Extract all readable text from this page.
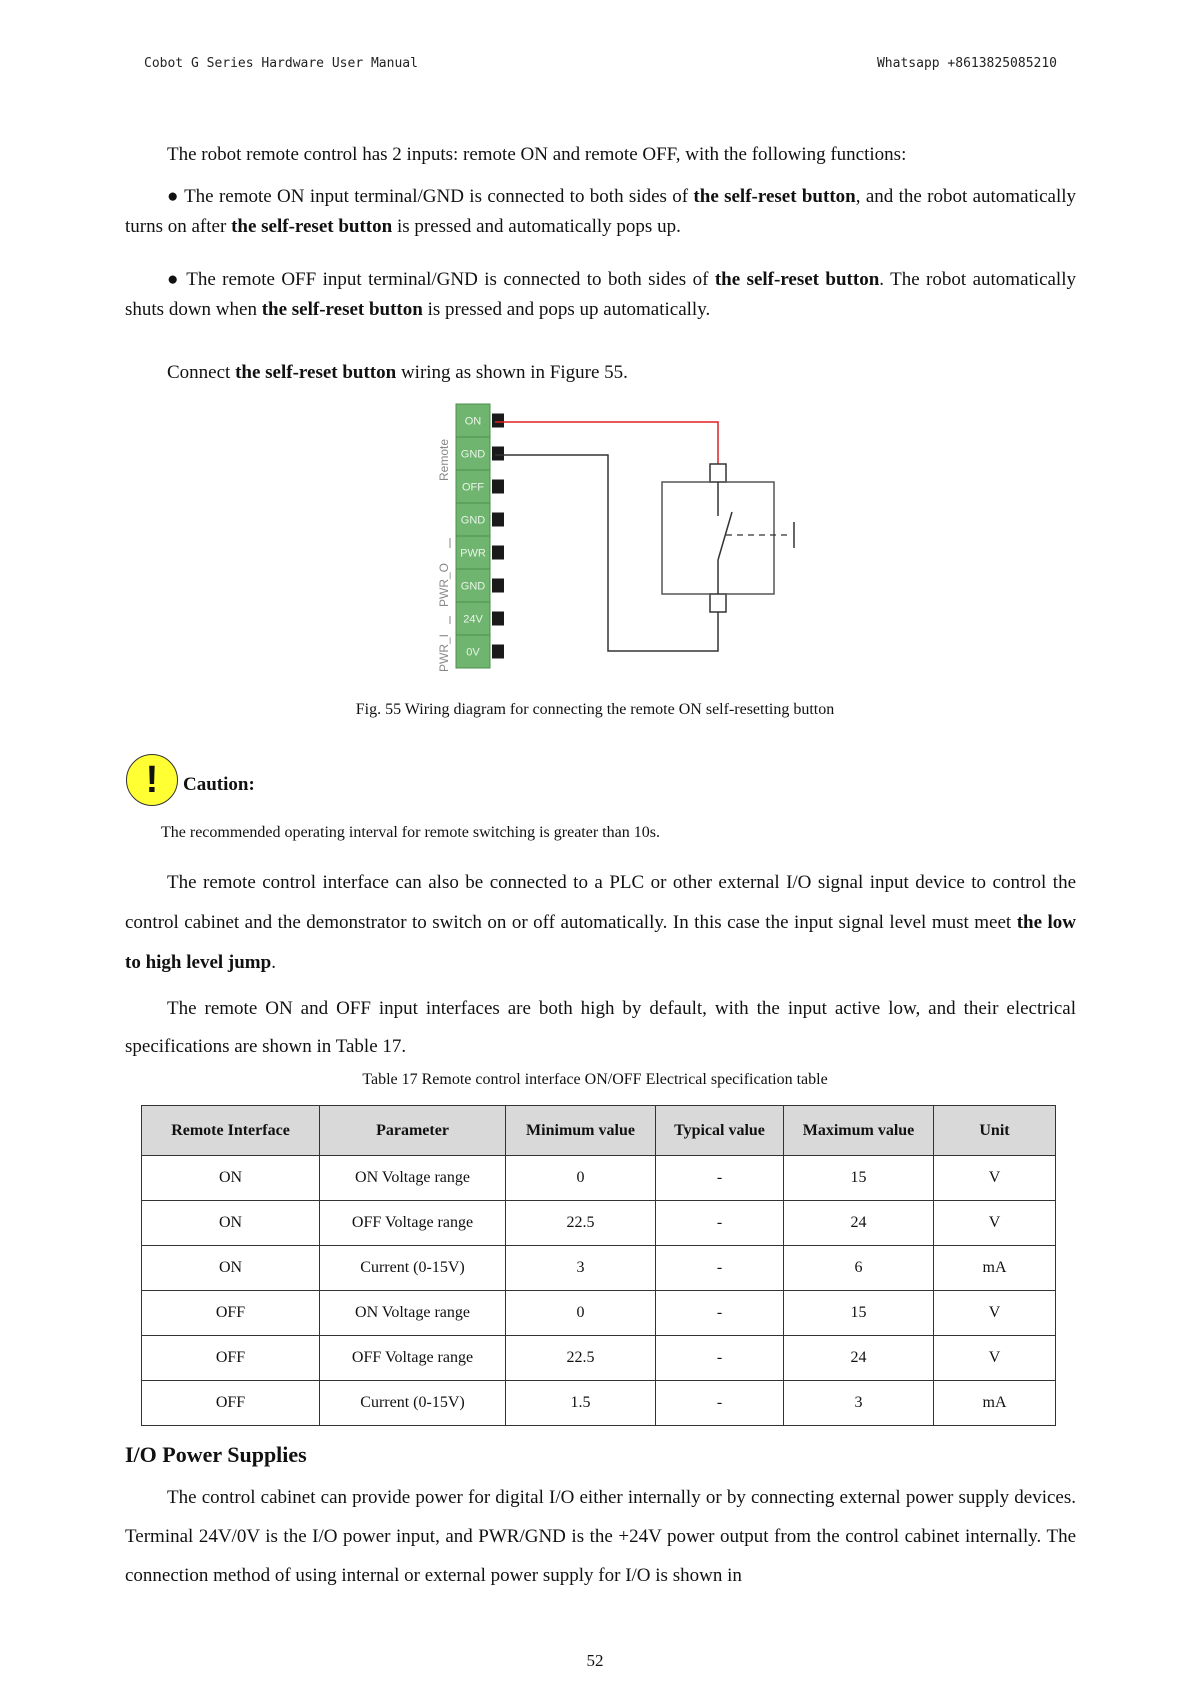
Cobot G Series Hardware User Manual	Whatsapp +8613825085210

The robot remote control has 2 inputs: remote ON and remote OFF, with the following functions:

● The remote ON input terminal/GND is connected to both sides of the self-reset button, and the robot automatically turns on after the self-reset button is pressed and automatically pops up.

● The remote OFF input terminal/GND is connected to both sides of the self-reset button. The robot automatically shuts down when the self-reset button is pressed and pops up automatically.

Connect the self-reset button wiring as shown in Figure 55.

ON
GND
OFF
GND
PWR
GND
24V
0V
Remote
PWR_O
PWR_I
Fig. 55 Wiring diagram for connecting the remote ON self-resetting button
!	Caution:
The recommended operating interval for remote switching is greater than 10s.

The remote control interface can also be connected to a PLC or other external I/O signal input device to control the control cabinet and the demonstrator to switch on or off automatically. In this case the input signal level must meet the low to high level jump.

The remote ON and OFF input interfaces are both high by default, with the input active low, and their electrical specifications are shown in Table 17.

Table 17 Remote control interface ON/OFF Electrical specification table
Remote Interface	Parameter	Minimum value	Typical value	Maximum value	Unit
ON	ON Voltage range	0	-	15	V
ON	OFF Voltage range	22.5	-	24	V
ON	Current (0-15V)	3	-	6	mA
OFF	ON Voltage range	0	-	15	V
OFF	OFF Voltage range	22.5	-	24	V
OFF	Current (0-15V)	1.5	-	3	mA
I/O Power Supplies

The control cabinet can provide power for digital I/O either internally or by connecting external power supply devices. Terminal 24V/0V is the I/O power input, and PWR/GND is the +24V power output from the control cabinet internally. The connection method of using internal or external power supply for I/O is shown in

52
